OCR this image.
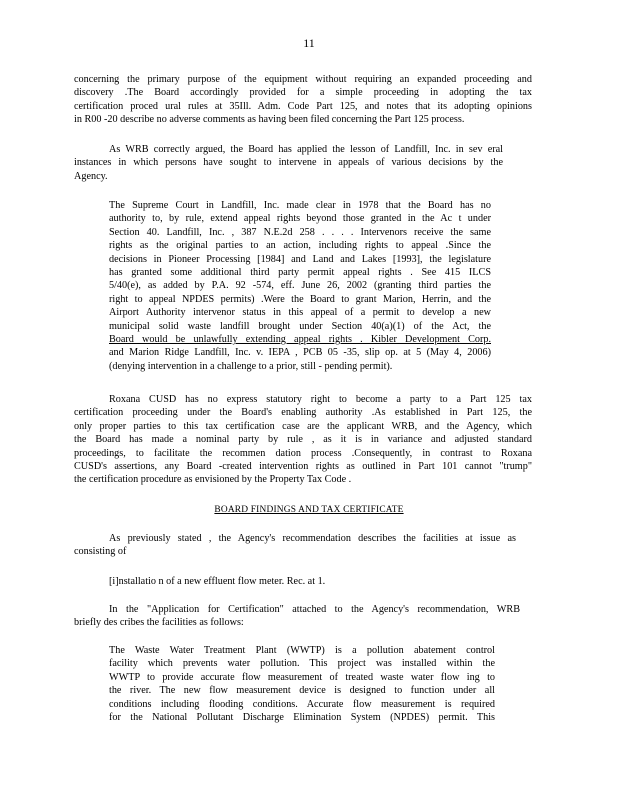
11
concerning the primary purpose of the equipment without requiring an expanded proceeding and
discovery .The Board accordingly provided for a simple proceeding in adopting the tax
certification proced ural rules at 35Ill. Adm. Code Part 125, and notes that its adopting opinions
in R00 -20 describe no adverse comments as having been filed concerning the Part 125 process.
As WRB correctly argued, the Board has applied the lesson of Landfill, Inc. in sev eral
instances in which persons have sought to intervene in appeals of various decisions by the
Agency.
The Supreme Court in Landfill, Inc. made clear in 1978 that the Board has no
authority to, by rule, extend appeal rights beyond those granted in the Ac t under
Section 40. Landfill, Inc. , 387 N.E.2d 258 . . . . Intervenors receive the same
rights as the original parties to an action, including rights to appeal .Since the
decisions in Pioneer Processing [1984] and Land and Lakes [1993], the legislature
has granted some additional third party permit appeal rights . See 415 ILCS
5/40(e), as added by P.A. 92 -574, eff. June 26, 2002 (granting third parties the
right to appeal NPDES permits) .Were the Board to grant Marion, Herrin, and the
Airport Authority intervenor status in this appeal of a permit to develop a new
municipal solid waste landfill brought under Section 40(a)(1) of the Act, the
Board would be unlawfully extending appeal rights . Kibler Development Corp.
and Marion Ridge Landfill, Inc. v. IEPA , PCB 05 -35, slip op. at 5 (May 4, 2006)
(denying intervention in a challenge to a prior, still - pending permit).
Roxana CUSD has no express statutory right to become a party to a Part 125 tax
certification proceeding under the Board's enabling authority .As established in Part 125, the
only proper parties to this tax certification case are the applicant WRB, and the Agency, which
the Board has made a nominal party by rule , as it is in variance and adjusted standard
proceedings, to facilitate the recommen dation process .Consequently, in contrast to Roxana
CUSD's assertions, any Board -created intervention rights as outlined in Part 101 cannot "trump"
the certification procedure as envisioned by the Property Tax Code .
BOARD FINDINGS AND TAX CERTIFICATE
As previously stated , the Agency's recommendation describes the facilities at issue as
consisting of
[i]nstallatio n of a new effluent flow meter. Rec. at 1.
In the "Application for Certification" attached to the Agency's recommendation, WRB
briefly des cribes the facilities as follows:
The Waste Water Treatment Plant (WWTP) is a pollution abatement control
facility which prevents water pollution. This project was installed within the
WWTP to provide accurate flow measurement of treated waste water flow ing to
the river. The new flow measurement device is designed to function under all
conditions including flooding conditions. Accurate flow measurement is required
for the National Pollutant Discharge Elimination System (NPDES) permit. This
